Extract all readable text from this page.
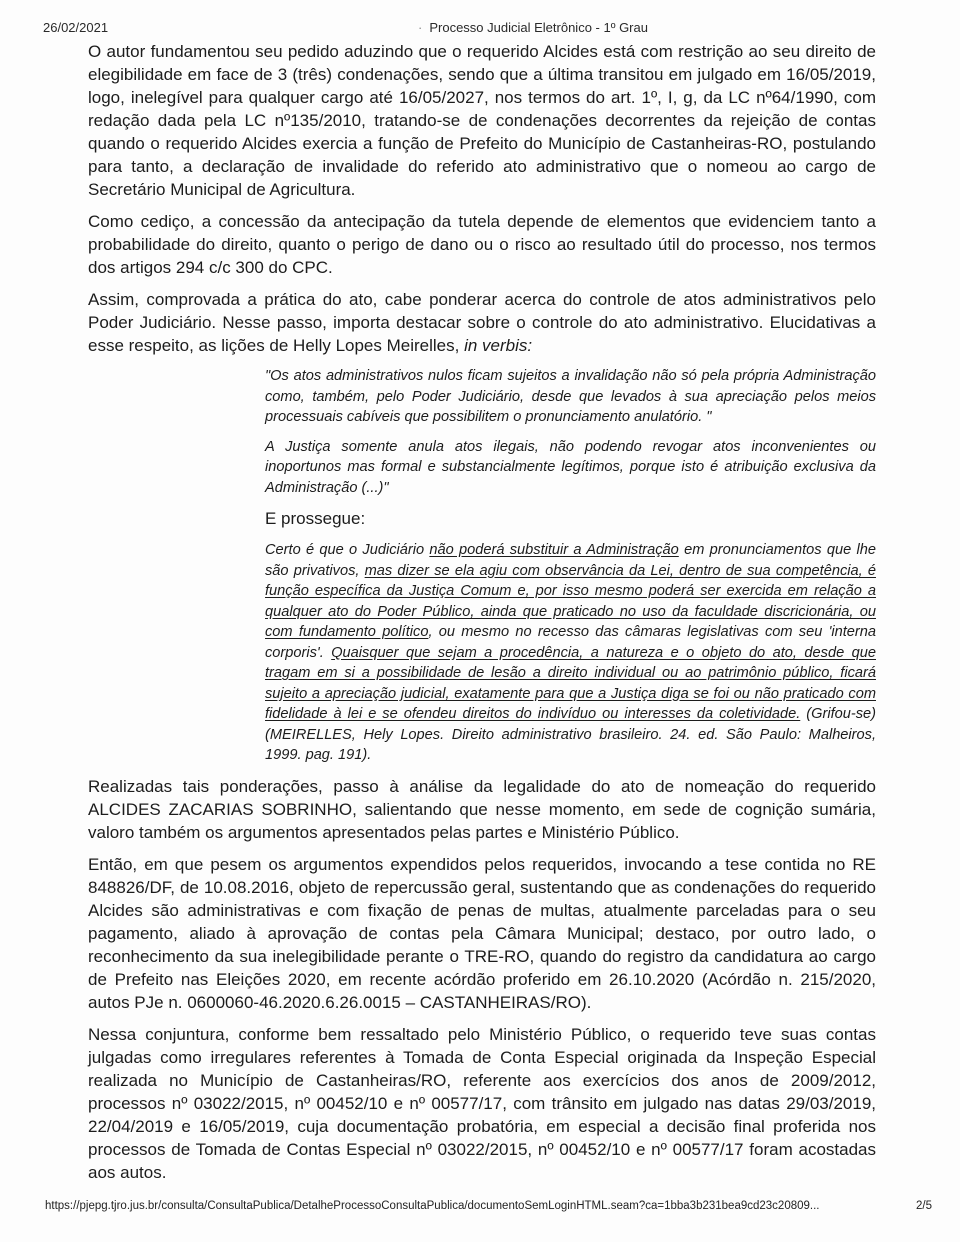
26/02/2021	· Processo Judicial Eletrônico - 1º Grau

O autor fundamentou seu pedido aduzindo que o requerido Alcides está com restrição ao seu direito de elegibilidade em face de 3 (três) condenações, sendo que a última transitou em julgado em 16/05/2019, logo, inelegível para qualquer cargo até 16/05/2027, nos termos do art. 1º, I, g, da LC nº64/1990, com redação dada pela LC nº135/2010, tratando-se de condenações decorrentes da rejeição de contas quando o requerido Alcides exercia a função de Prefeito do Município de Castanheiras-RO, postulando para tanto, a declaração de invalidade do referido ato administrativo que o nomeou ao cargo de Secretário Municipal de Agricultura.

Como cediço, a concessão da antecipação da tutela depende de elementos que evidenciem tanto a probabilidade do direito, quanto o perigo de dano ou o risco ao resultado útil do processo, nos termos dos artigos 294 c/c 300 do CPC.

Assim, comprovada a prática do ato, cabe ponderar acerca do controle de atos administrativos pelo Poder Judiciário. Nesse passo, importa destacar sobre o controle do ato administrativo. Elucidativas a esse respeito, as lições de Helly Lopes Meirelles, in verbis:

"Os atos administrativos nulos ficam sujeitos a invalidação não só pela própria Administração como, também, pelo Poder Judiciário, desde que levados à sua apreciação pelos meios processuais cabíveis que possibilitem o pronunciamento anulatório. "

A Justiça somente anula atos ilegais, não podendo revogar atos inconvenientes ou inoportunos mas formal e substancialmente legítimos, porque isto é atribuição exclusiva da Administração (...)"

E prossegue:

Certo é que o Judiciário não poderá substituir a Administração em pronunciamentos que lhe são privativos, mas dizer se ela agiu com observância da Lei, dentro de sua competência, é função específica da Justiça Comum e, por isso mesmo poderá ser exercida em relação a qualquer ato do Poder Público, ainda que praticado no uso da faculdade discricionária, ou com fundamento político, ou mesmo no recesso das câmaras legislativas com seu 'interna corporis'. Quaisquer que sejam a procedência, a natureza e o objeto do ato, desde que tragam em si a possibilidade de lesão a direito individual ou ao patrimônio público, ficará sujeito a apreciação judicial, exatamente para que a Justiça diga se foi ou não praticado com fidelidade à lei e se ofendeu direitos do indivíduo ou interesses da coletividade. (Grifou-se) (MEIRELLES, Hely Lopes. Direito administrativo brasileiro. 24. ed. São Paulo: Malheiros, 1999. pag. 191).

Realizadas tais ponderações, passo à análise da legalidade do ato de nomeação do requerido ALCIDES ZACARIAS SOBRINHO, salientando que nesse momento, em sede de cognição sumária, valoro também os argumentos apresentados pelas partes e Ministério Público.

Então, em que pesem os argumentos expendidos pelos requeridos, invocando a tese contida no RE 848826/DF, de 10.08.2016, objeto de repercussão geral, sustentando que as condenações do requerido Alcides são administrativas e com fixação de penas de multas, atualmente parceladas para o seu pagamento, aliado à aprovação de contas pela Câmara Municipal; destaco, por outro lado, o reconhecimento da sua inelegibilidade perante o TRE-RO, quando do registro da candidatura ao cargo de Prefeito nas Eleições 2020, em recente acórdão proferido em 26.10.2020 (Acórdão n. 215/2020, autos PJe n. 0600060-46.2020.6.26.0015 – CASTANHEIRAS/RO).

Nessa conjuntura, conforme bem ressaltado pelo Ministério Público, o requerido teve suas contas julgadas como irregulares referentes à Tomada de Conta Especial originada da Inspeção Especial realizada no Município de Castanheiras/RO, referente aos exercícios dos anos de 2009/2012, processos nº 03022/2015, nº 00452/10 e nº 00577/17, com trânsito em julgado nas datas 29/03/2019, 22/04/2019 e 16/05/2019, cuja documentação probatória, em especial a decisão final proferida nos processos de Tomada de Contas Especial nº 03022/2015, nº 00452/10 e nº 00577/17 foram acostadas aos autos.

https://pjepg.tjro.jus.br/consulta/ConsultaPublica/DetalheProcessoConsultaPublica/documentoSemLoginHTML.seam?ca=1bba3b231bea9cd23c20809...	2/5
